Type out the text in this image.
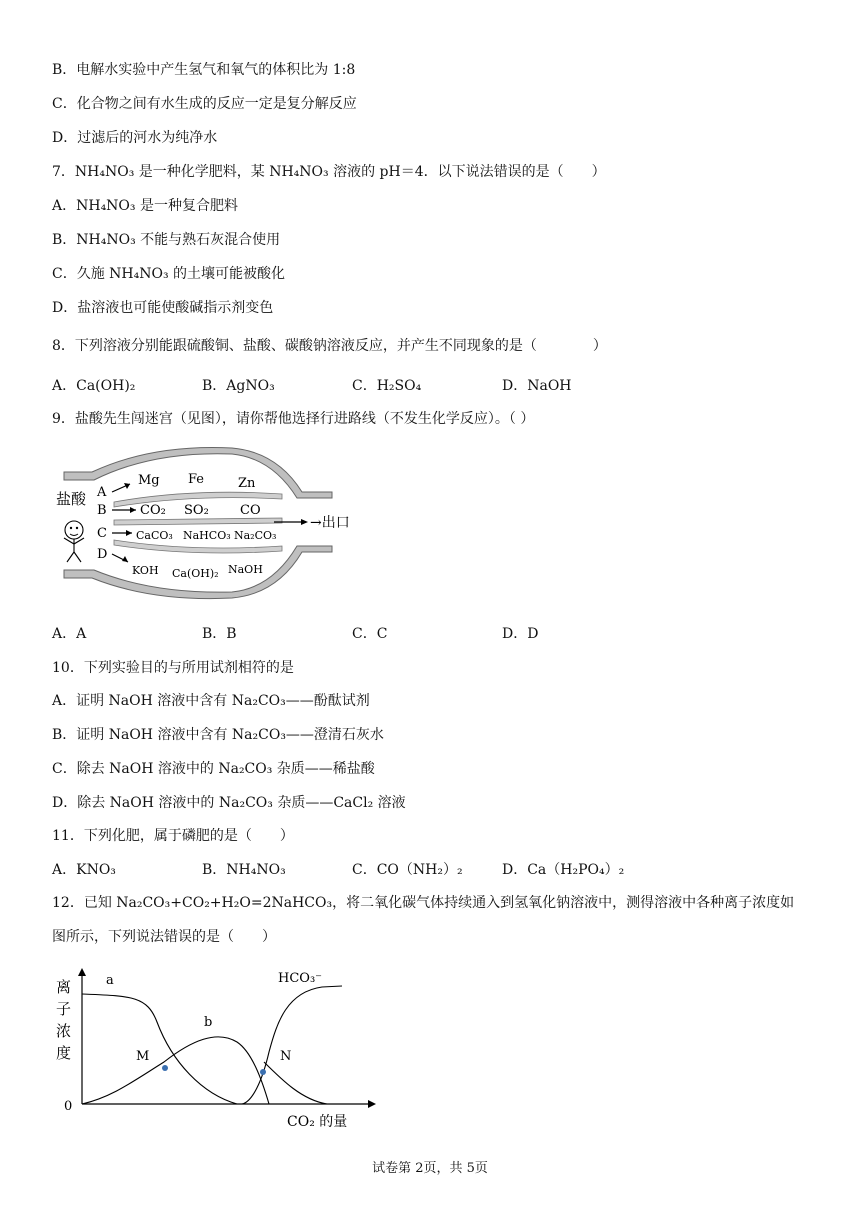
B．电解水实验中产生氢气和氧气的体积比为 1:8
C．化合物之间有水生成的反应一定是复分解反应
D．过滤后的河水为纯净水
7．NH₄NO₃ 是一种化学肥料，某 NH₄NO₃ 溶液的 pH＝4．以下说法错误的是（　　）
A．NH₄NO₃ 是一种复合肥料
B．NH₄NO₃ 不能与熟石灰混合使用
C．久施 NH₄NO₃ 的土壤可能被酸化
D．盐溶液也可能使酸碱指示剂变色
8．下列溶液分别能跟硫酸铜、盐酸、碳酸钠溶液反应，并产生不同现象的是（　　　　）
A．Ca(OH)₂	B．AgNO₃	C．H₂SO₄	D．NaOH
9．盐酸先生闯迷宫（见图），请你帮他选择行进路线（不发生化学反应）。（ ）
盐酸
→出口
A
Mg Fe	Zn
B	CO₂ SO₂ CO
C	CaCO₃ NaHCO₃ Na₂CO₃
D
KOH Ca(OH)₂ NaOH
A．A	B．B	C．C	D．D
10．下列实验目的与所用试剂相符的是
A．证明 NaOH 溶液中含有 Na₂CO₃——酚酞试剂
B．证明 NaOH 溶液中含有 Na₂CO₃——澄清石灰水
C．除去 NaOH 溶液中的 Na₂CO₃ 杂质——稀盐酸
D．除去 NaOH 溶液中的 Na₂CO₃ 杂质——CaCl₂ 溶液
11．下列化肥，属于磷肥的是（　　）
A．KNO₃	B．NH₄NO₃	C．CO（NH₂）₂	D．Ca（H₂PO₄）₂
12．已知 Na₂CO₃+CO₂+H₂O=2NaHCO₃，将二氧化碳气体持续通入到氢氧化钠溶液中，测得溶液中各种离子浓度如
图所示，下列说法错误的是（　　）
离
子
浓
度
0
CO₂ 的量
a
b
HCO₃⁻
M	N
试卷第 2页，共 5页
